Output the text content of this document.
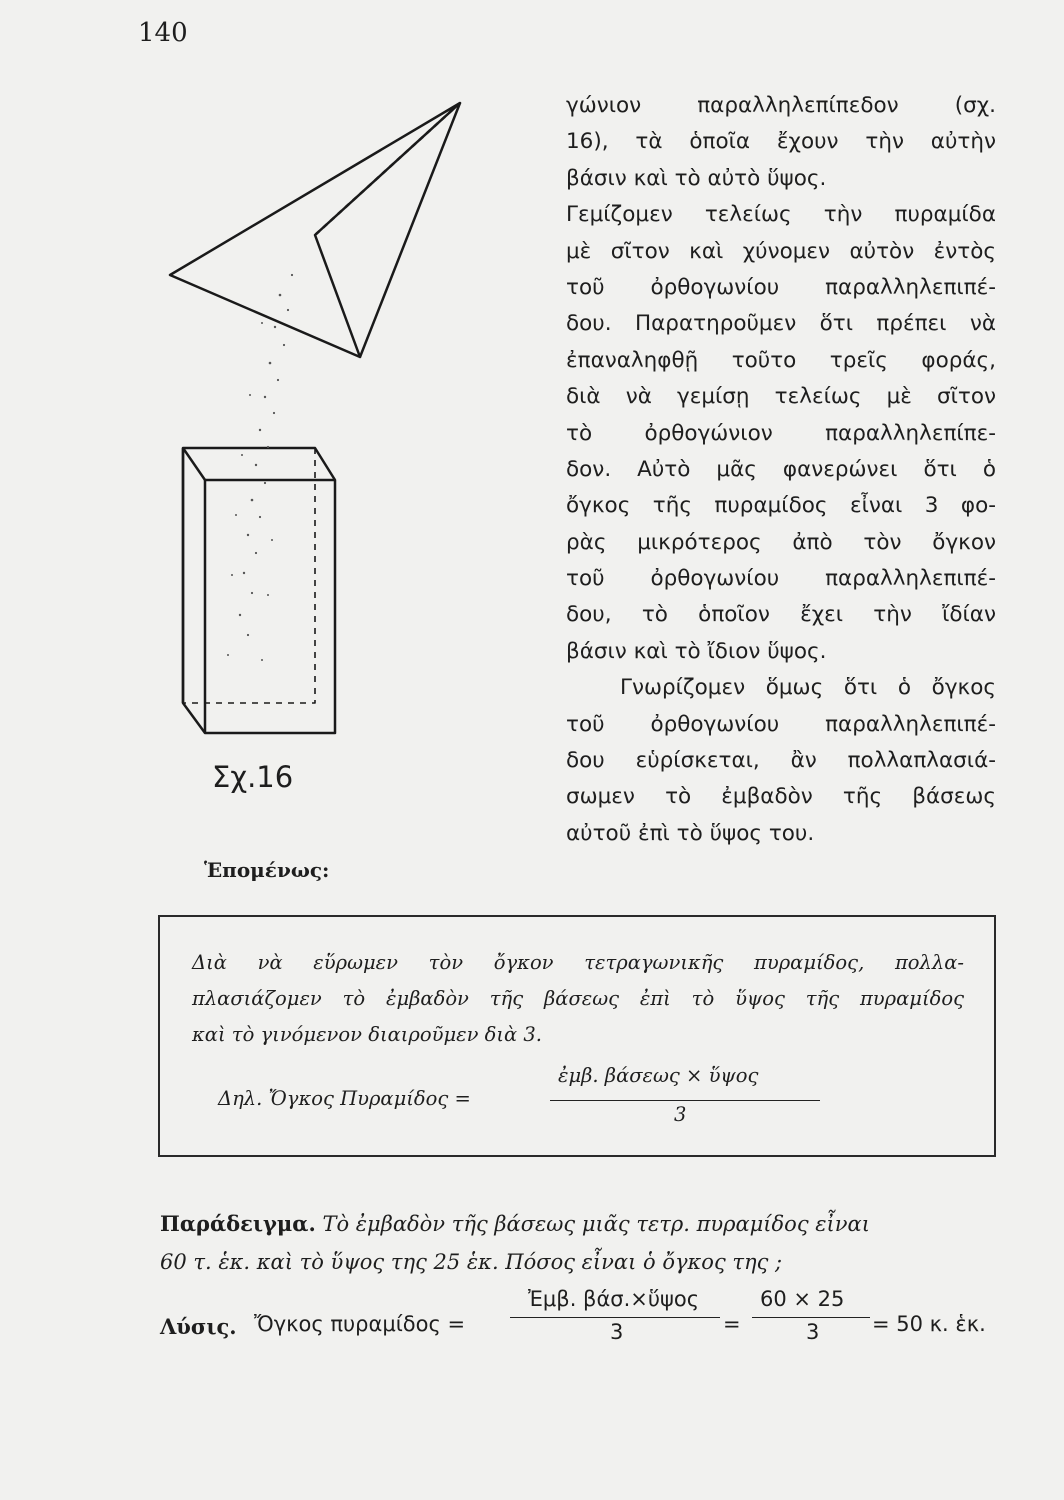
140
Σχ.16
γώνιον παραλληλεπίπεδον (σχ.
16), τὰ ὁποῖα ἔχουν τὴν αὐτὴν
βάσιν καὶ τὸ αὐτὸ ὕψος.
Γεμίζομεν τελείως τὴν πυραμίδα
μὲ σῖτον καὶ χύνομεν αὐτὸν ἐντὸς
τοῦ ὀρθογωνίου παραλληλεπιπέ-
δου. Παρατηροῦμεν ὅτι πρέπει νὰ
ἐπαναληφθῇ τοῦτο τρεῖς φοράς,
διὰ νὰ γεμίσῃ τελείως μὲ σῖτον
τὸ ὀρθογώνιον παραλληλεπίπε-
δον. Αὐτὸ μᾶς φανερώνει ὅτι ὁ
ὄγκος τῆς πυραμίδος εἶναι 3 φο-
ρὰς μικρότερος ἀπὸ τὸν ὄγκον
τοῦ ὀρθογωνίου παραλληλεπιπέ-
δου, τὸ ὁποῖον ἔχει τὴν ἴδίαν
βάσιν καὶ τὸ ἴδιον ὕψος.
Γνωρίζομεν ὅμως ὅτι ὁ ὄγκος
τοῦ ὀρθογωνίου παραλληλεπιπέ-
δου εὑρίσκεται, ἂν πολλαπλασιά-
σωμεν τὸ ἐμβαδὸν τῆς βάσεως
αὐτοῦ ἐπὶ τὸ ὕψος του.
Ἑπομένως:
Διὰ νὰ εὕρωμεν τὸν ὄγκον τετραγωνικῆς πυραμίδος, πολλα-
πλασιάζομεν τὸ ἐμβαδὸν τῆς βάσεως ἐπὶ τὸ ὕψος τῆς πυραμίδος
καὶ τὸ γινόμενον διαιροῦμεν διὰ 3.
Δηλ. Ὄγκος Πυραμίδος =
ἐμβ. βάσεως × ὕψος
3
Παράδειγμα. Τὸ ἐμβαδὸν τῆς βάσεως μιᾶς τετρ. πυραμίδος εἶναι
60 τ. ἑκ. καὶ τὸ ὕψος της 25 ἑκ. Πόσος εἶναι ὁ ὄγκος της ;
Λύσις. Ὄγκος πυραμίδος =
Ἐμβ. βάσ.×ὕψος
3	=
60 × 25
3	= 50 κ. ἑκ.
